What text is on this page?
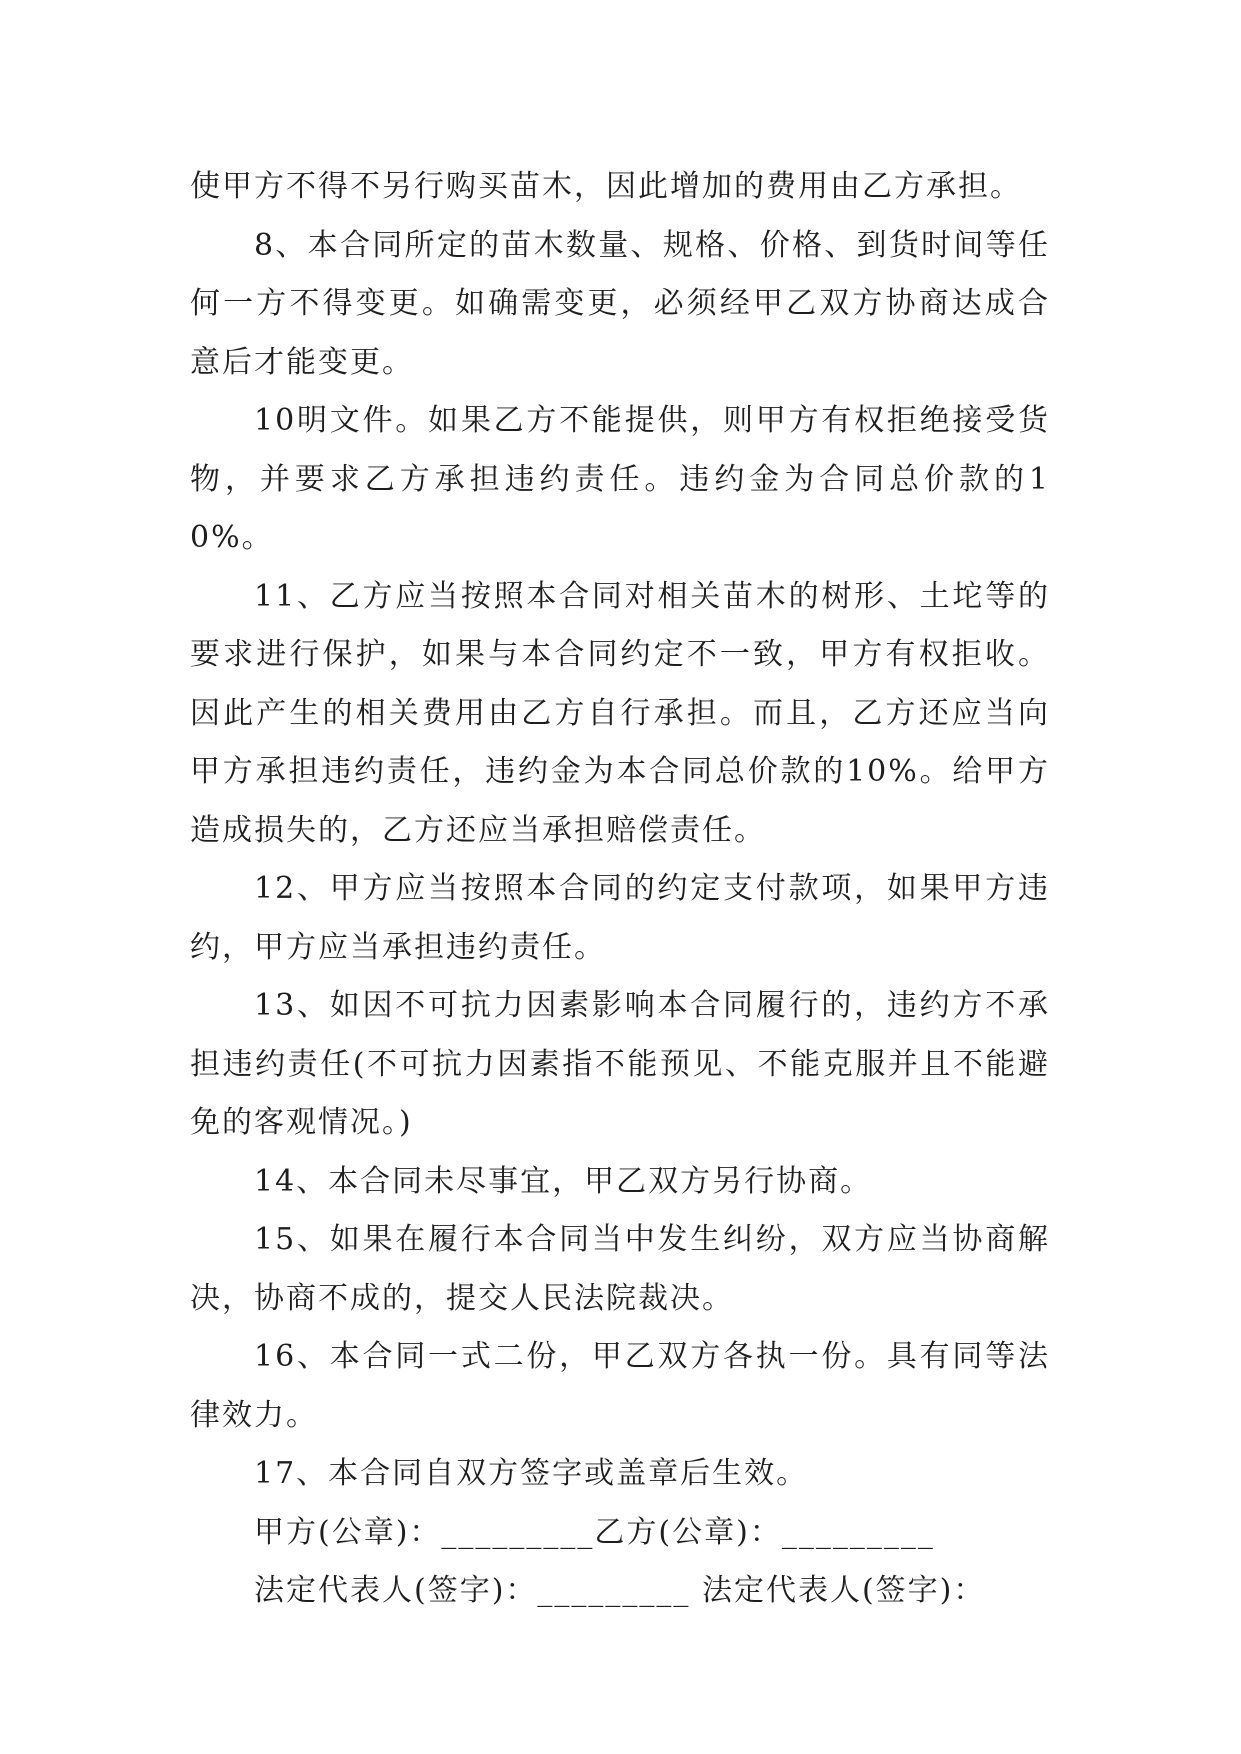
使甲方不得不另行购买苗木，因此增加的费用由乙方承担。

8、本合同所定的苗木数量、规格、价格、到货时间等任何一方不得变更。如确需变更，必须经甲乙双方协商达成合意后才能变更。

10明文件。如果乙方不能提供，则甲方有权拒绝接受货物，并要求乙方承担违约责任。违约金为合同总价款的10%。

11、乙方应当按照本合同对相关苗木的树形、土坨等的要求进行保护，如果与本合同约定不一致，甲方有权拒收。因此产生的相关费用由乙方自行承担。而且，乙方还应当向甲方承担违约责任，违约金为本合同总价款的10%。给甲方造成损失的，乙方还应当承担赔偿责任。

12、甲方应当按照本合同的约定支付款项，如果甲方违约，甲方应当承担违约责任。

13、如因不可抗力因素影响本合同履行的，违约方不承担违约责任(不可抗力因素指不能预见、不能克服并且不能避免的客观情况。)

14、本合同未尽事宜，甲乙双方另行协商。

15、如果在履行本合同当中发生纠纷，双方应当协商解决，协商不成的，提交人民法院裁决。

16、本合同一式二份，甲乙双方各执一份。具有同等法律效力。

17、本合同自双方签字或盖章后生效。

甲方(公章)：_________乙方(公章)：_________

法定代表人(签字)：_________ 法定代表人(签字)：
